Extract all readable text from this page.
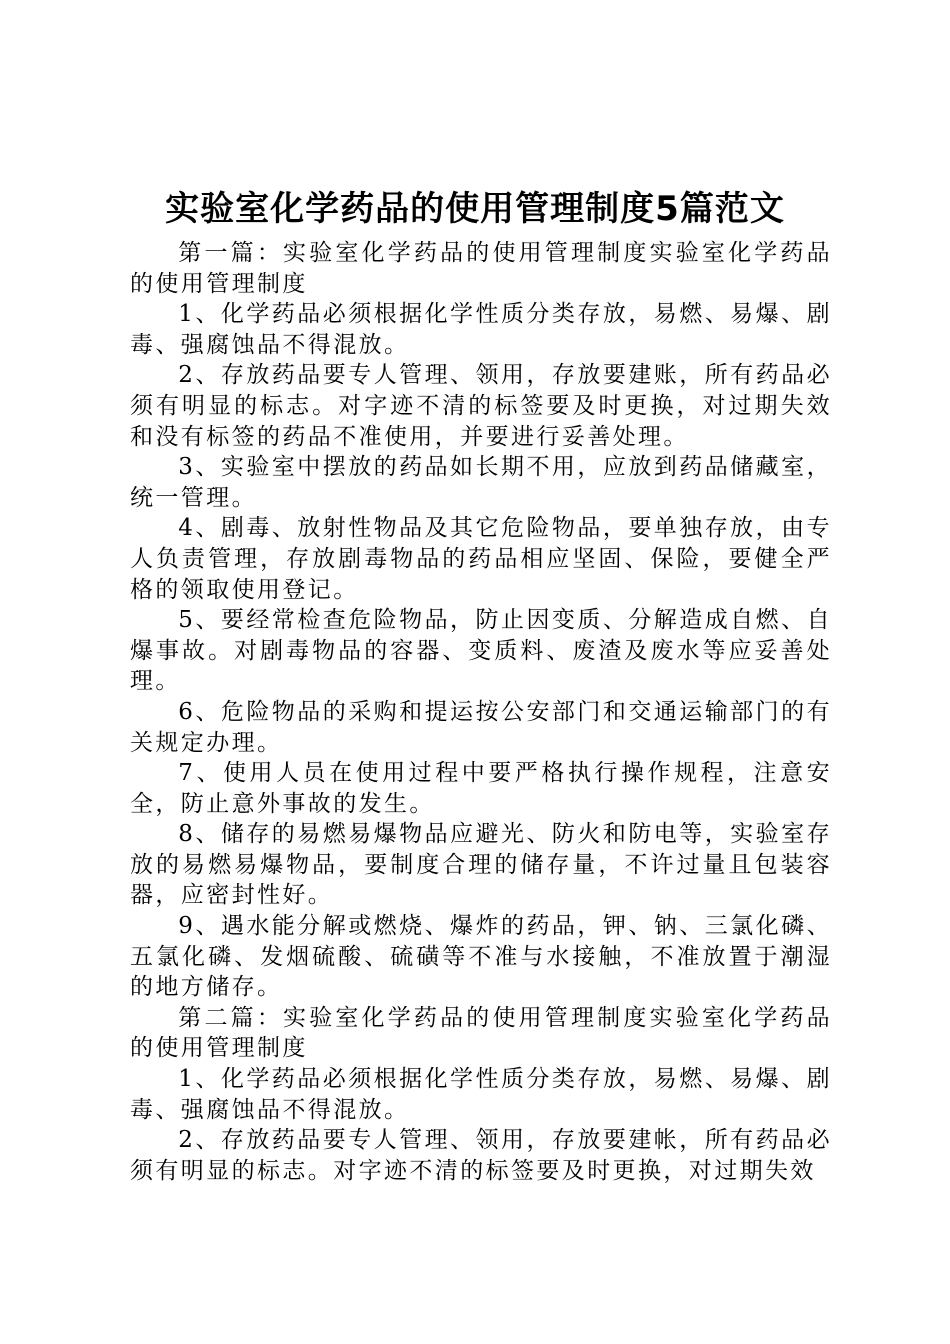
实验室化学药品的使用管理制度5篇范文

第一篇：实验室化学药品的使用管理制度实验室化学药品的使用管理制度

1、化学药品必须根据化学性质分类存放，易燃、易爆、剧毒、强腐蚀品不得混放。

2、存放药品要专人管理、领用，存放要建账，所有药品必须有明显的标志。对字迹不清的标签要及时更换，对过期失效和没有标签的药品不准使用，并要进行妥善处理。

3、实验室中摆放的药品如长期不用，应放到药品储藏室，统一管理。

4、剧毒、放射性物品及其它危险物品，要单独存放，由专人负责管理，存放剧毒物品的药品相应坚固、保险，要健全严格的领取使用登记。

5、要经常检查危险物品，防止因变质、分解造成自燃、自爆事故。对剧毒物品的容器、变质料、废渣及废水等应妥善处理。

6、危险物品的采购和提运按公安部门和交通运输部门的有关规定办理。

7、使用人员在使用过程中要严格执行操作规程，注意安全，防止意外事故的发生。

8、储存的易燃易爆物品应避光、防火和防电等，实验室存放的易燃易爆物品，要制度合理的储存量，不许过量且包装容器，应密封性好。

9、遇水能分解或燃烧、爆炸的药品，钾、钠、三氯化磷、五氯化磷、发烟硫酸、硫磺等不准与水接触，不准放置于潮湿的地方储存。

第二篇：实验室化学药品的使用管理制度实验室化学药品的使用管理制度

1、化学药品必须根据化学性质分类存放，易燃、易爆、剧毒、强腐蚀品不得混放。

2、存放药品要专人管理、领用，存放要建帐，所有药品必须有明显的标志。对字迹不清的标签要及时更换，对过期失效
